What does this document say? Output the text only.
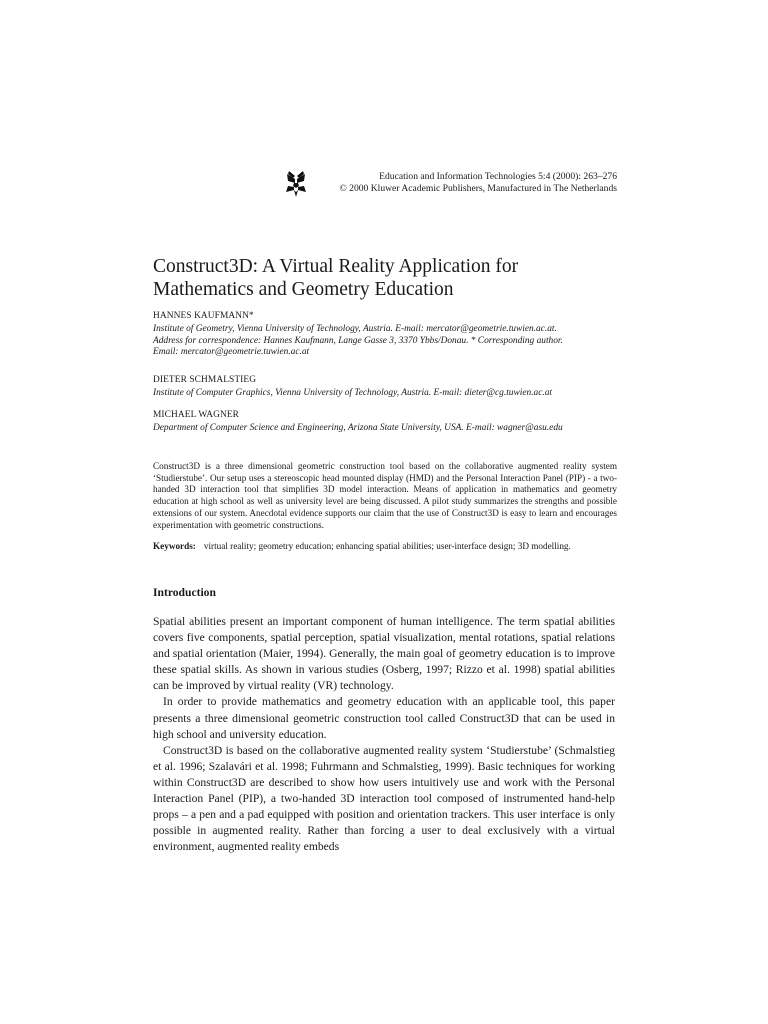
Education and Information Technologies 5:4 (2000): 263–276
© 2000 Kluwer Academic Publishers, Manufactured in The Netherlands
Construct3D: A Virtual Reality Application for
Mathematics and Geometry Education
HANNES KAUFMANN*
Institute of Geometry, Vienna University of Technology, Austria. E-mail: mercator@geometrie.tuwien.ac.at.
Address for correspondence: Hannes Kaufmann, Lange Gasse 3, 3370 Ybbs/Donau. * Corresponding author.
Email: mercator@geometrie.tuwien.ac.at
DIETER SCHMALSTIEG
Institute of Computer Graphics, Vienna University of Technology, Austria. E-mail: dieter@cg.tuwien.ac.at
MICHAEL WAGNER
Department of Computer Science and Engineering, Arizona State University, USA. E-mail: wagner@asu.edu

Construct3D is a three dimensional geometric construction tool based on the collaborative augmented reality system ‘Studierstube’. Our setup uses a stereoscopic head mounted display (HMD) and the Personal Interaction Panel (PIP) - a two-handed 3D interaction tool that simplifies 3D model interaction. Means of application in mathematics and geometry education at high school as well as university level are being discussed. A pilot study summarizes the strengths and possible extensions of our system. Anecdotal evidence supports our claim that the use of Construct3D is easy to learn and encourages experimentation with geometric constructions.

Keywords: virtual reality; geometry education; enhancing spatial abilities; user-interface design; 3D modelling.
Introduction

Spatial abilities present an important component of human intelligence. The term spatial abilities covers five components, spatial perception, spatial visualization, mental rotations, spatial relations and spatial orientation (Maier, 1994). Generally, the main goal of geometry education is to improve these spatial skills. As shown in various studies (Osberg, 1997; Rizzo et al. 1998) spatial abilities can be improved by virtual reality (VR) technology.

In order to provide mathematics and geometry education with an applicable tool, this paper presents a three dimensional geometric construction tool called Construct3D that can be used in high school and university education.

Construct3D is based on the collaborative augmented reality system ‘Studierstube’ (Schmalstieg et al. 1996; Szalavári et al. 1998; Fuhrmann and Schmalstieg, 1999). Basic techniques for working within Construct3D are described to show how users intuitively use and work with the Personal Interaction Panel (PIP), a two-handed 3D interaction tool composed of instrumented hand-help props – a pen and a pad equipped with position and orientation trackers. This user interface is only possible in augmented reality. Rather than forcing a user to deal exclusively with a virtual environment, augmented reality embeds
